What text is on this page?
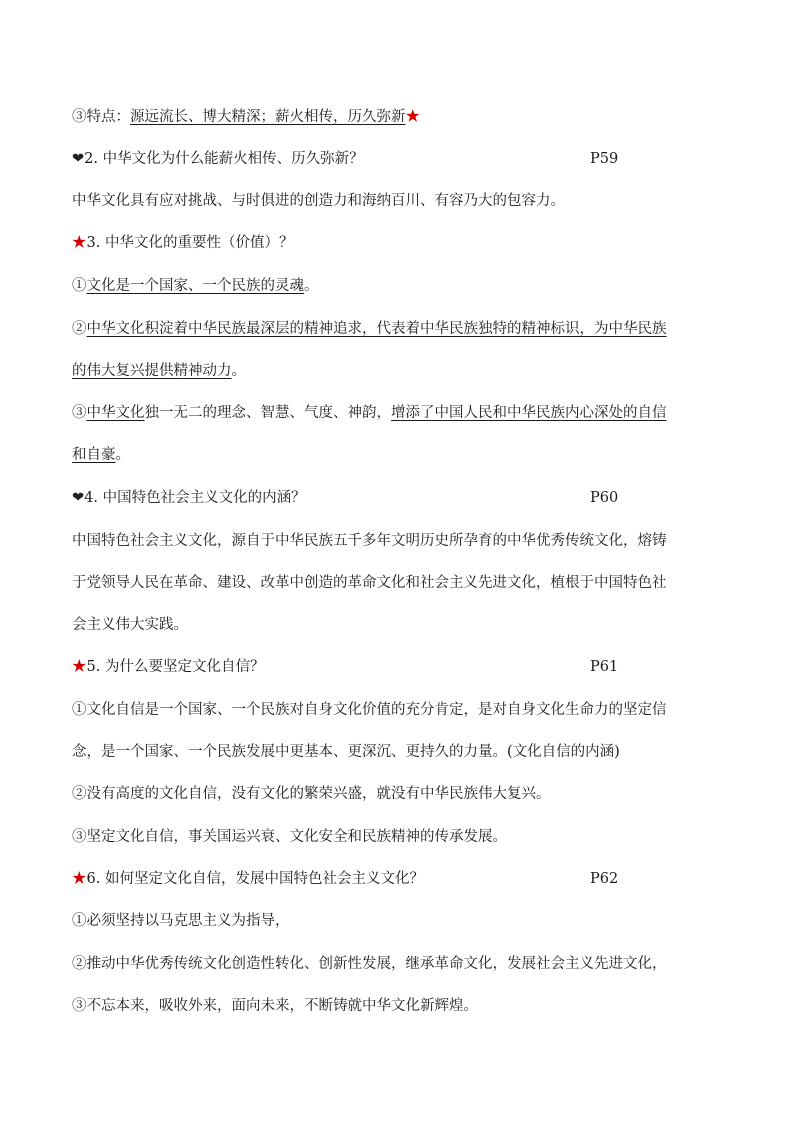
③特点：源远流长、博大精深；薪火相传，历久弥新★
❤2. 中华文化为什么能薪火相传、历久弥新？	P59
中华文化具有应对挑战、与时俱进的创造力和海纳百川、有容乃大的包容力。
★3. 中华文化的重要性（价值）？
①文化是一个国家、一个民族的灵魂。
②中华文化积淀着中华民族最深层的精神追求，代表着中华民族独特的精神标识，为中华民族
的伟大复兴提供精神动力。
③中华文化独一无二的理念、智慧、气度、神韵，增添了中国人民和中华民族内心深处的自信
和自豪。
❤4. 中国特色社会主义文化的内涵？	P60
中国特色社会主义文化，源自于中华民族五千多年文明历史所孕育的中华优秀传统文化，熔铸
于党领导人民在革命、建设、改革中创造的革命文化和社会主义先进文化，植根于中国特色社
会主义伟大实践。
★5. 为什么要坚定文化自信？	P61
①文化自信是一个国家、一个民族对自身文化价值的充分肯定，是对自身文化生命力的坚定信
念，是一个国家、一个民族发展中更基本、更深沉、更持久的力量。(文化自信的内涵)
②没有高度的文化自信，没有文化的繁荣兴盛，就没有中华民族伟大复兴。
③坚定文化自信，事关国运兴衰、文化安全和民族精神的传承发展。
★6. 如何坚定文化自信，发展中国特色社会主义文化？	P62
①必须坚持以马克思主义为指导，
②推动中华优秀传统文化创造性转化、创新性发展，继承革命文化，发展社会主义先进文化，
③不忘本来，吸收外来，面向未来，不断铸就中华文化新辉煌。
